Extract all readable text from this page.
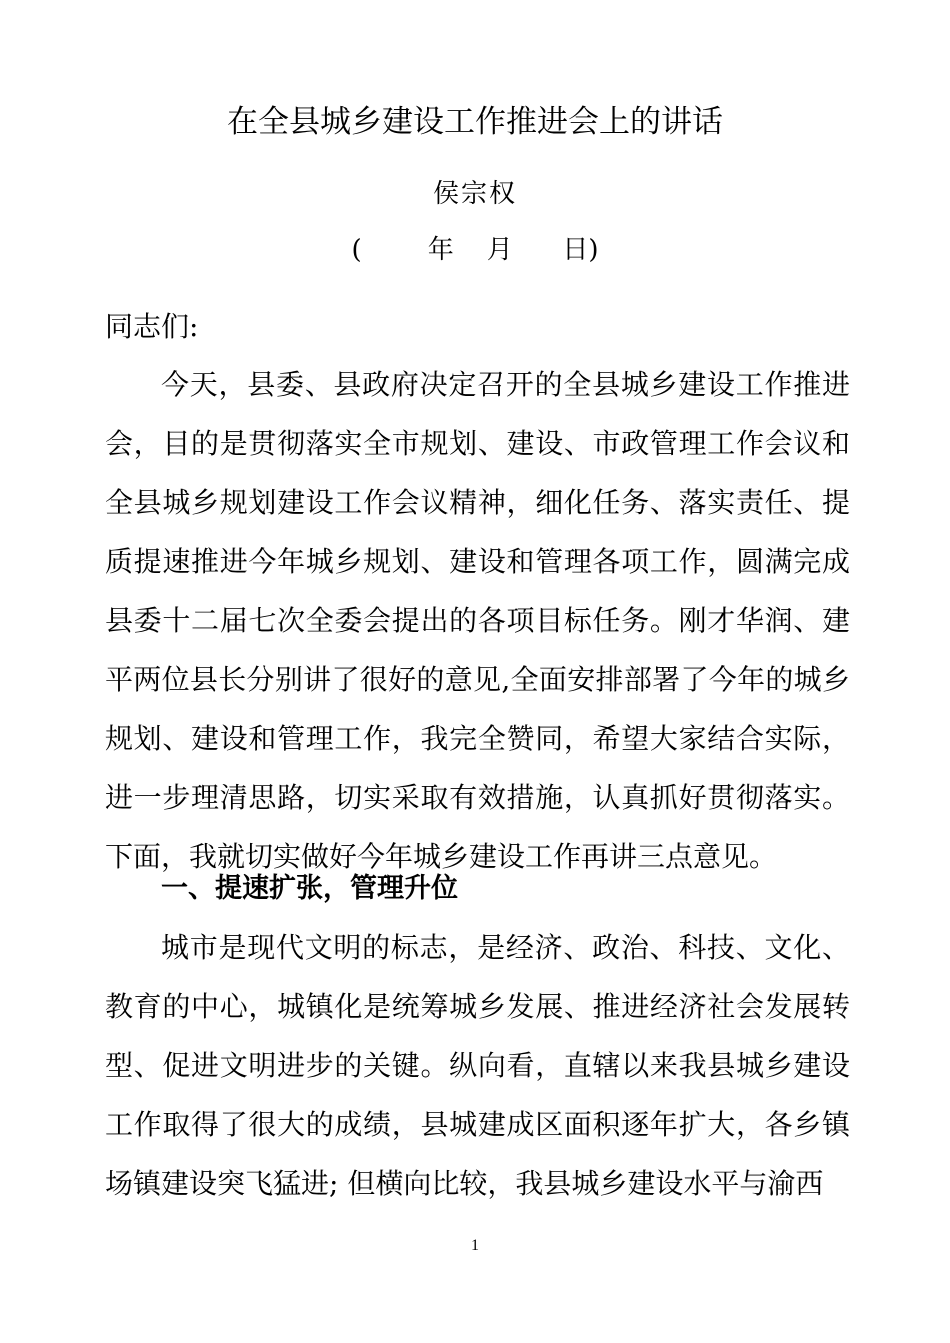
在全县城乡建设工作推进会上的讲话
侯宗权
(        年    月      日)
同志们:
今天，县委、县政府决定召开的全县城乡建设工作推进会，目的是贯彻落实全市规划、建设、市政管理工作会议和全县城乡规划建设工作会议精神，细化任务、落实责任、提质提速推进今年城乡规划、建设和管理各项工作，圆满完成县委十二届七次全委会提出的各项目标任务。刚才华润、建平两位县长分别讲了很好的意见,全面安排部署了今年的城乡规划、建设和管理工作，我完全赞同，希望大家结合实际，进一步理清思路，切实采取有效措施，认真抓好贯彻落实。下面，我就切实做好今年城乡建设工作再讲三点意见。
一、提速扩张，管理升位
城市是现代文明的标志，是经济、政治、科技、文化、教育的中心，城镇化是统筹城乡发展、推进经济社会发展转型、促进文明进步的关键。纵向看，直辖以来我县城乡建设工作取得了很大的成绩，县城建成区面积逐年扩大，各乡镇场镇建设突飞猛进; 但横向比较，我县城乡建设水平与渝西
1
